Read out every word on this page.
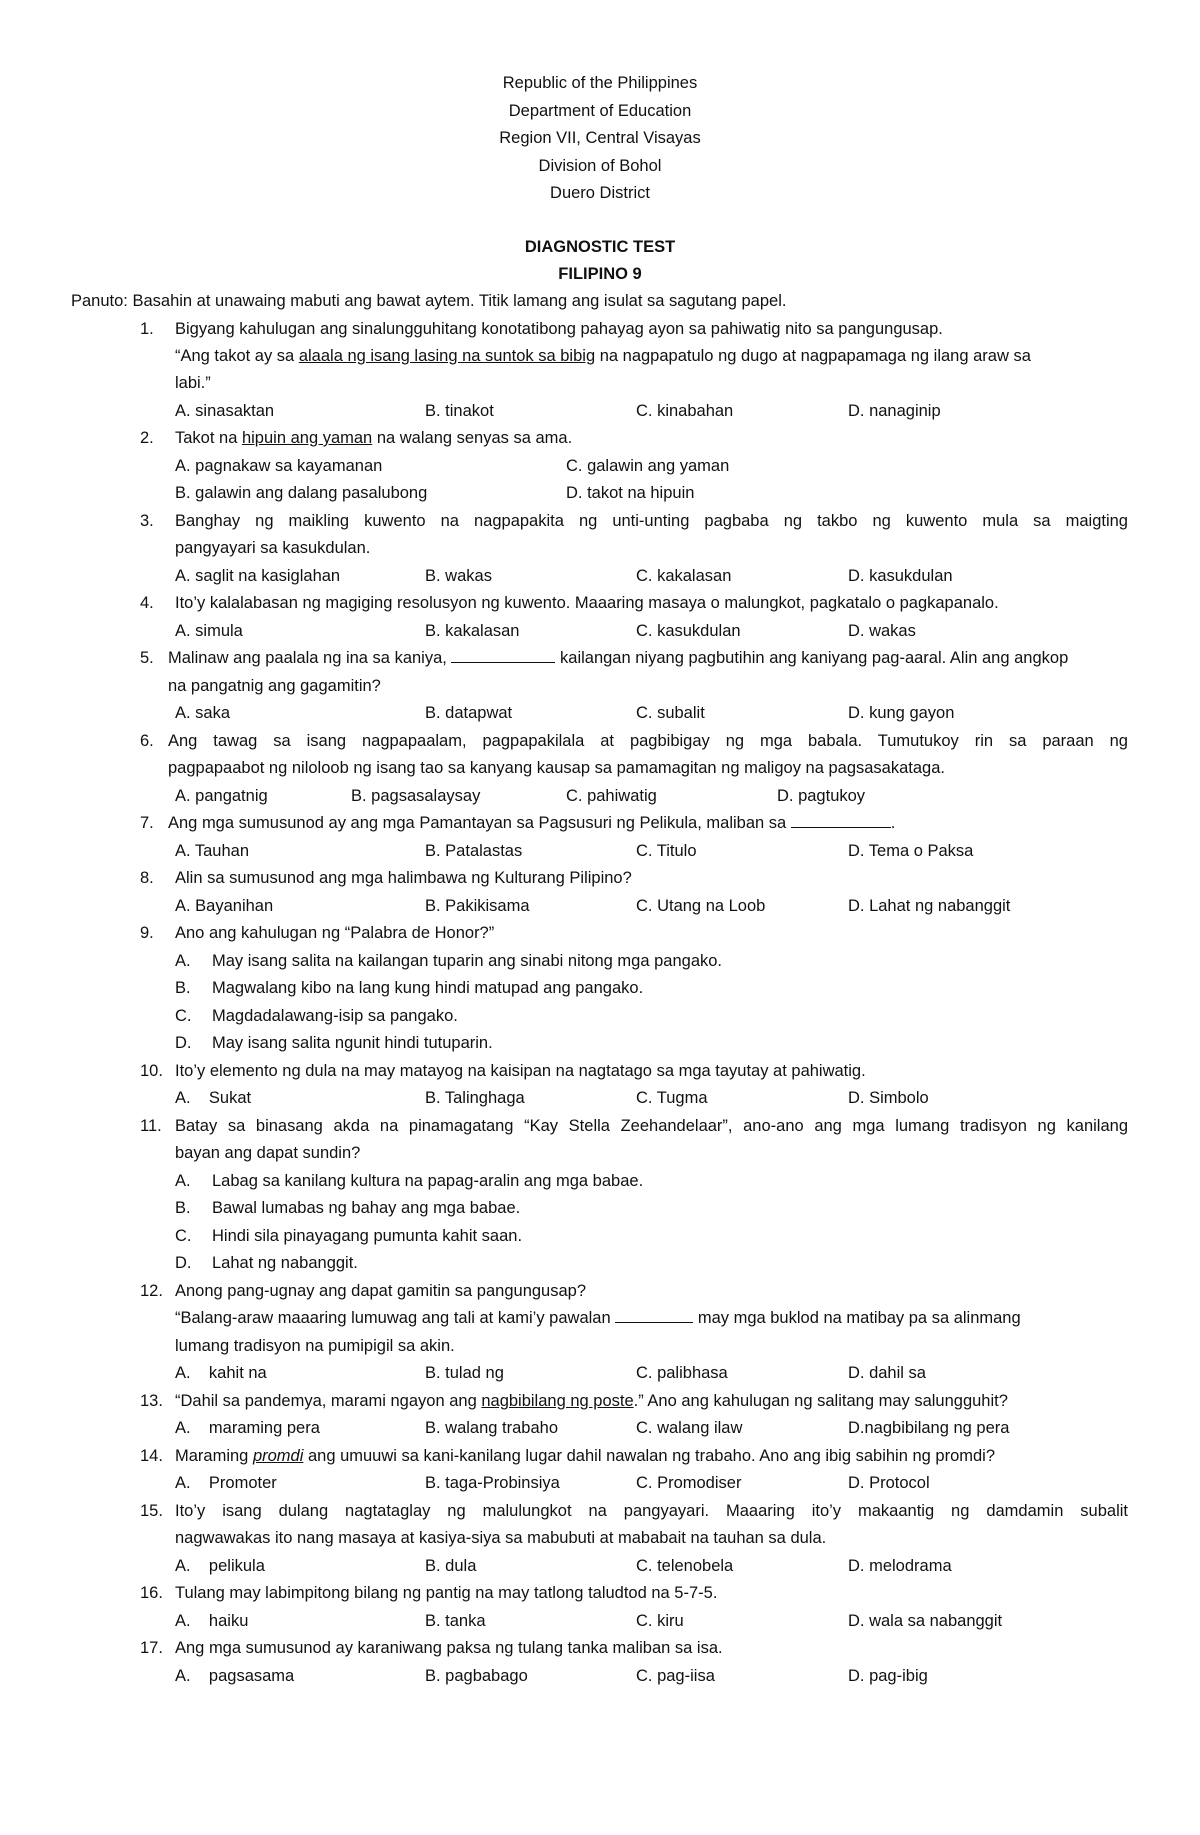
Republic of the Philippines
Department of Education
Region VII, Central Visayas
Division of Bohol
Duero District
DIAGNOSTIC TEST
FILIPINO 9
Panuto: Basahin at unawaing mabuti ang bawat aytem. Titik lamang ang isulat sa sagutang papel.
1. Bigyang kahulugan ang sinalungguhitang konotatibong pahayag ayon sa pahiwatig nito sa pangungusap.
“Ang takot ay sa alaala ng isang lasing na suntok sa bibig na nagpapatulo ng dugo at nagpapamaga ng ilang araw sa
labi.”
A. sinasaktan	B. tinakot	C. kinabahan	D. nanaginip
2. Takot na hipuin ang yaman na walang senyas sa ama.
A. pagnakaw sa kayamanan	C. galawin ang yaman
B. galawin ang dalang pasalubong	D. takot na hipuin
3. Banghay ng maikling kuwento na nagpapakita ng unti-unting pagbaba ng takbo ng kuwento mula sa maigting
pangyayari sa kasukdulan.
A. saglit na kasiglahan	B. wakas	C. kakalasan	D. kasukdulan
4. Ito’y kalalabasan ng magiging resolusyon ng kuwento. Maaaring masaya o malungkot, pagkatalo o pagkapanalo.
A. simula	B. kakalasan	C. kasukdulan	D. wakas
5. Malinaw ang paalala ng ina sa kaniya,	kailangan niyang pagbutihin ang kaniyang pag-aaral. Alin ang angkop
na pangatnig ang gagamitin?
A. saka	B. datapwat	C. subalit	D. kung gayon
6. Ang tawag sa isang nagpapaalam, pagpapakilala at pagbibigay ng mga babala. Tumutukoy rin sa paraan ng
pagpapaabot ng niloloob ng isang tao sa kanyang kausap sa pamamagitan ng maligoy na pagsasakataga.
A. pangatnig	B. pagsasalaysay	C. pahiwatig	D. pagtukoy
7. Ang mga sumusunod ay ang mga Pamantayan sa Pagsusuri ng Pelikula, maliban sa	.
A. Tauhan	B. Patalastas	C. Titulo	D. Tema o Paksa
8. Alin sa sumusunod ang mga halimbawa ng Kulturang Pilipino?
A. Bayanihan	B. Pakikisama	C. Utang na Loob	D. Lahat ng nabanggit
9. Ano ang kahulugan ng “Palabra de Honor?”
A. May isang salita na kailangan tuparin ang sinabi nitong mga pangako.
B. Magwalang kibo na lang kung hindi matupad ang pangako.
C. Magdadalawang-isip sa pangako.
D. May isang salita ngunit hindi tutuparin.
10. Ito’y elemento ng dula na may matayog na kaisipan na nagtatago sa mga tayutay at pahiwatig.
A.    Sukat	B. Talinghaga	C. Tugma	D. Simbolo
11. Batay sa binasang akda na pinamagatang “Kay Stella Zeehandelaar”, ano-ano ang mga lumang tradisyon ng kanilang
bayan ang dapat sundin?
A. Labag sa kanilang kultura na papag-aralin ang mga babae.
B. Bawal lumabas ng bahay ang mga babae.
C. Hindi sila pinayagang pumunta kahit saan.
D. Lahat ng nabanggit.
12. Anong pang-ugnay ang dapat gamitin sa pangungusap?
“Balang-araw maaaring lumuwag ang tali at kami’y pawalan	may mga buklod na matibay pa sa alinmang
lumang tradisyon na pumipigil sa akin.
A.    kahit na	B. tulad ng	C. palibhasa	D. dahil sa
13. “Dahil sa pandemya, marami ngayon ang nagbibilang ng poste.” Ano ang kahulugan ng salitang may salungguhit?
A.    maraming pera	B. walang trabaho	C. walang ilaw	D.nagbibilang ng pera
14. Maraming promdi ang umuuwi sa kani-kanilang lugar dahil nawalan ng trabaho. Ano ang ibig sabihin ng promdi?
A.    Promoter	B. taga-Probinsiya	C. Promodiser	D. Protocol
15. Ito’y isang dulang nagtataglay ng malulungkot na pangyayari. Maaaring ito’y makaantig ng damdamin subalit
nagwawakas ito nang masaya at kasiya-siya sa mabubuti at mababait na tauhan sa dula.
A.    pelikula	B. dula	C. telenobela	D. melodrama
16. Tulang may labimpitong bilang ng pantig na may tatlong taludtod na 5-7-5.
A.    haiku	B. tanka	C. kiru	D. wala sa nabanggit
17. Ang mga sumusunod ay karaniwang paksa ng tulang tanka maliban sa isa.
A.    pagsasama	B. pagbabago	C. pag-iisa	D. pag-ibig
